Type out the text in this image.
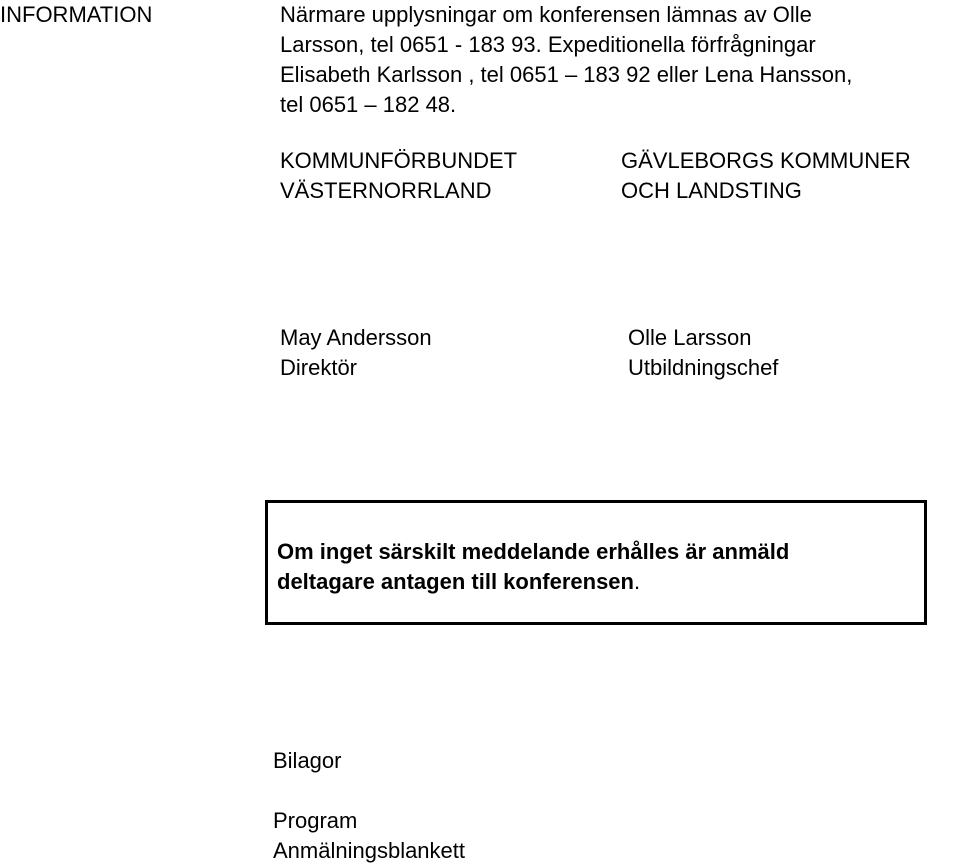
INFORMATION	Närmare upplysningar om konferensen lämnas av Olle
Larsson, tel 0651 - 183 93. Expeditionella förfrågningar
Elisabeth Karlsson , tel 0651 – 183 92 eller Lena Hansson,
tel 0651 – 182 48.
KOMMUNFÖRBUNDET
VÄSTERNORRLAND
GÄVLEBORGS KOMMUNER
OCH LANDSTING
May Andersson
Direktör
Olle Larsson
Utbildningschef
Om inget särskilt meddelande erhålles är anmäld
deltagare antagen till konferensen.
Bilagor
Program
Anmälningsblankett
